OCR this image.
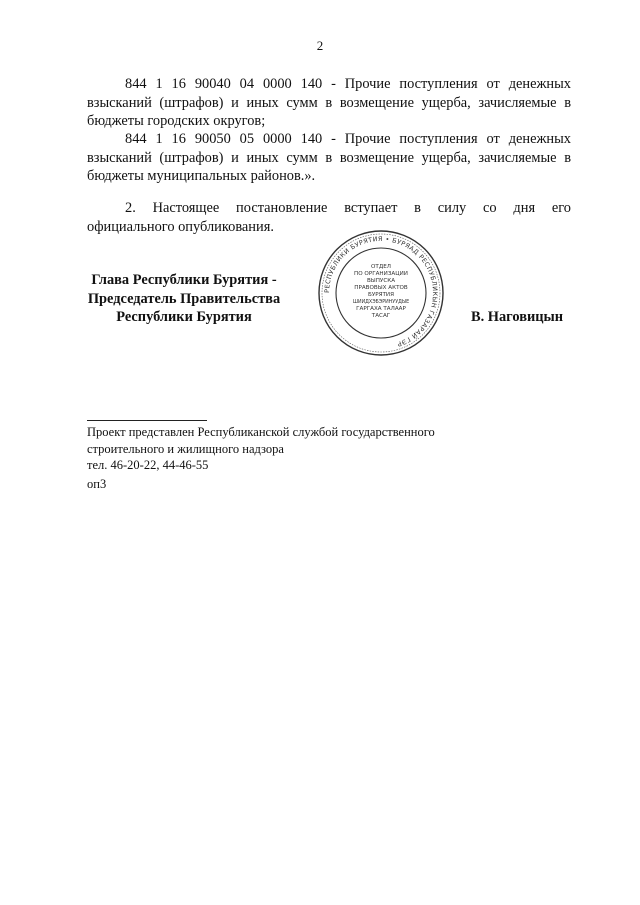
2
844 1 16 90040 04 0000 140 - Прочие поступления от денежных
взысканий (штрафов) и иных сумм в возмещение ущерба, зачисляемые в
бюджеты городских округов;
844 1 16 90050 05 0000 140 - Прочие поступления от денежных
взысканий (штрафов) и иных сумм в возмещение ущерба, зачисляемые в
бюджеты муниципальных районов.».
2. Настоящее постановление вступает в силу со дня его
официального опубликования.
Глава Республики Бурятия -
Председатель Правительства
Республики Бурятия
РЕСПУБЛИКИ БУРЯТИЯ • БУРЯАД РЕСПУБЛИКЫН ГАЗАРАЙ ГЭР
ОТДЕЛ
ПО ОРГАНИЗАЦИИ
ВЫПУСКА
ПРАВОВЫХ АКТОВ
БУРЯТИЯ
ШИИДХЭБЭРИНУУДЫЕ
ГАРГАХА ТАЛААР
ТАСАГ	В. Наговицын
Проект представлен Республиканской службой государственного
строительного и жилищного надзора
тел. 46-20-22, 44-46-55
оп3
